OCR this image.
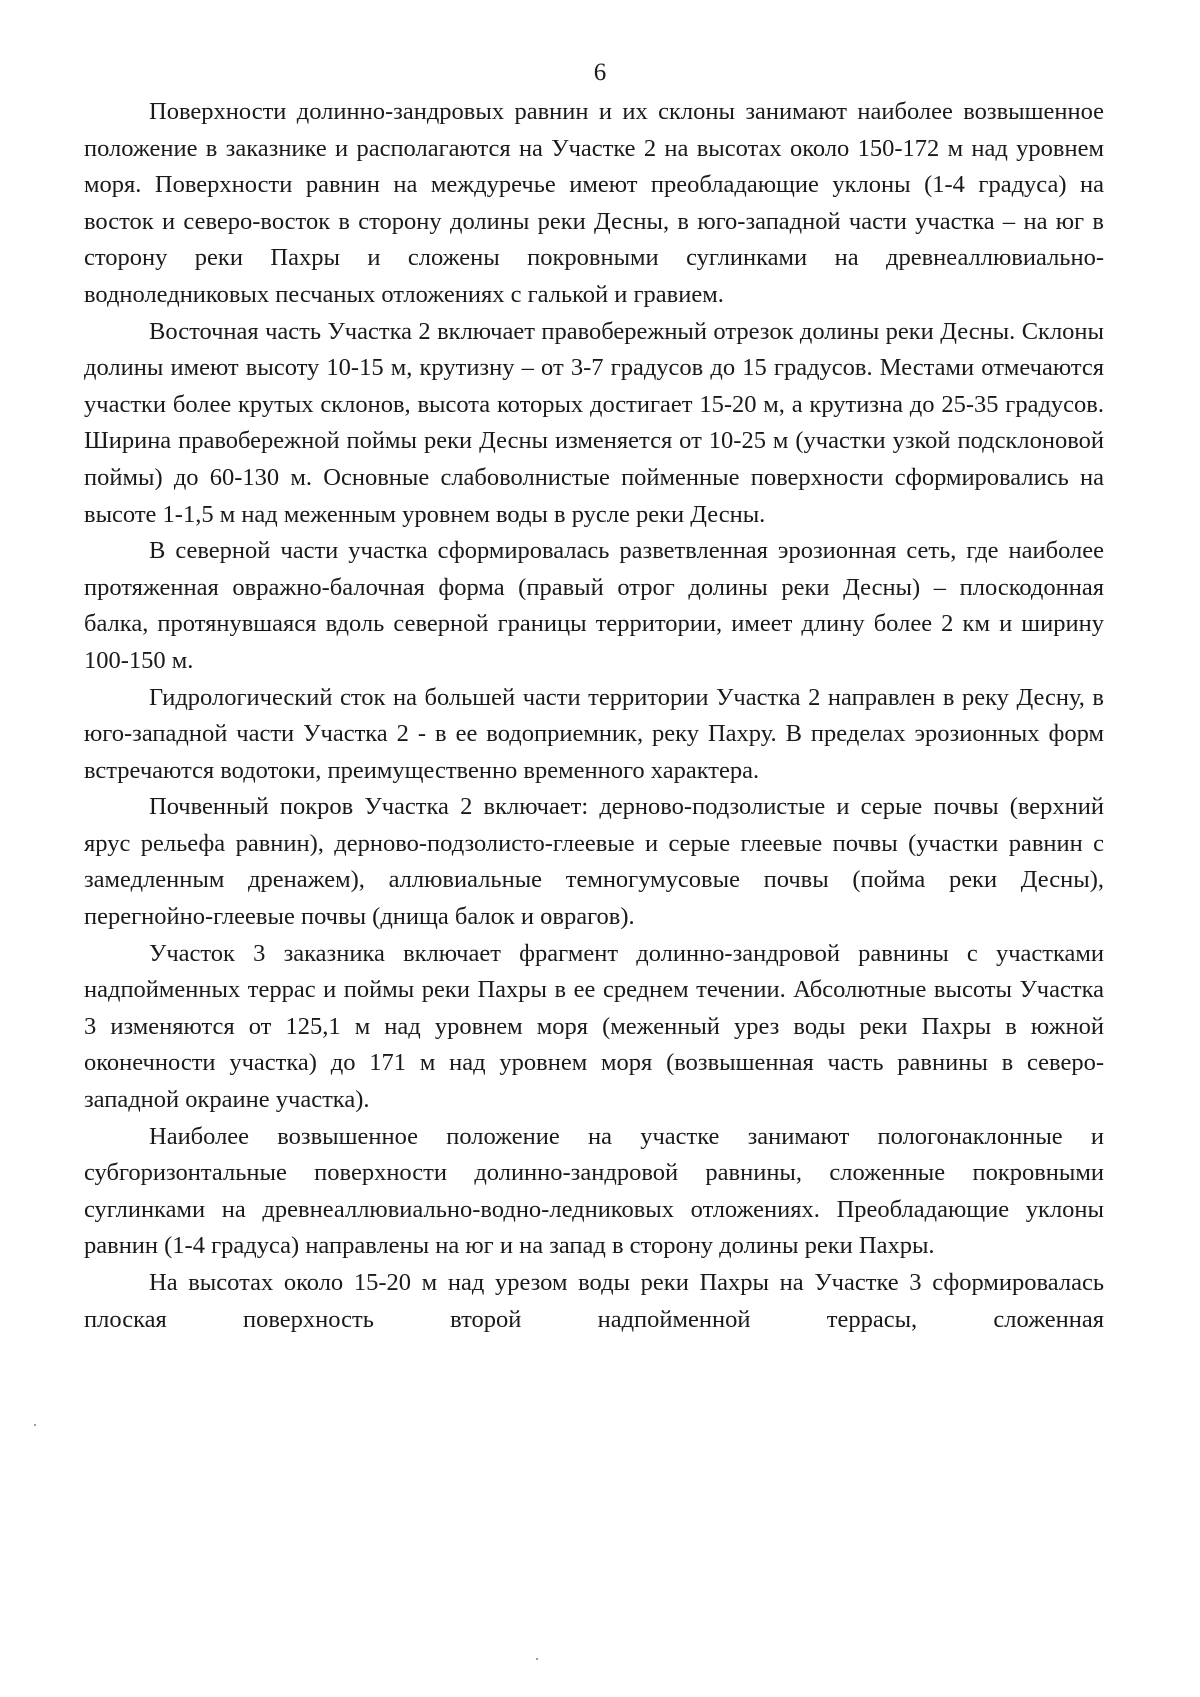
6

Поверхности долинно-зандровых равнин и их склоны занимают наиболее возвышенное положение в заказнике и располагаются на Участке 2 на высотах около 150-172 м над уровнем моря. Поверхности равнин на междуречье имеют преобладающие уклоны (1-4 градуса) на восток и северо-восток в сторону долины реки Десны, в юго-западной части участка – на юг в сторону реки Пахры и сложены покровными суглинками на древнеаллювиально-водноледниковых песчаных отложениях с галькой и гравием.

Восточная часть Участка 2 включает правобережный отрезок долины реки Десны. Склоны долины имеют высоту 10-15 м, крутизну – от 3-7 градусов до 15 градусов. Местами отмечаются участки более крутых склонов, высота которых достигает 15-20 м, а крутизна до 25-35 градусов. Ширина правобережной поймы реки Десны изменяется от 10-25 м (участки узкой подсклоновой поймы) до 60-130 м. Основные слабоволнистые пойменные поверхности сформировались на высоте 1-1,5 м над меженным уровнем воды в русле реки Десны.

В северной части участка сформировалась разветвленная эрозионная сеть, где наиболее протяженная овражно-балочная форма (правый отрог долины реки Десны) – плоскодонная балка, протянувшаяся вдоль северной границы территории, имеет длину более 2 км и ширину 100-150 м.

Гидрологический сток на большей части территории Участка 2 направлен в реку Десну, в юго-западной части Участка 2 - в ее водоприемник, реку Пахру. В пределах эрозионных форм встречаются водотоки, преимущественно временного характера.

Почвенный покров Участка 2 включает: дерново-подзолистые и серые почвы (верхний ярус рельефа равнин), дерново-подзолисто-глеевые и серые глеевые почвы (участки равнин с замедленным дренажем), аллювиальные темногумусовые почвы (пойма реки Десны), перегнойно-глеевые почвы (днища балок и оврагов).

Участок 3 заказника включает фрагмент долинно-зандровой равнины с участками надпойменных террас и поймы реки Пахры в ее среднем течении. Абсолютные высоты Участка 3 изменяются от 125,1 м над уровнем моря (меженный урез воды реки Пахры в южной оконечности участка) до 171 м над уровнем моря (возвышенная часть равнины в северо-западной окраине участка).

Наиболее возвышенное положение на участке занимают пологонаклонные и субгоризонтальные поверхности долинно-зандровой равнины, сложенные покровными суглинками на древнеаллювиально-водно-ледниковых отложениях. Преобладающие уклоны равнин (1-4 градуса) направлены на юг и на запад в сторону долины реки Пахры.

На высотах около 15-20 м над урезом воды реки Пахры на Участке 3 сформировалась плоская поверхность второй надпойменной террасы, сложенная
